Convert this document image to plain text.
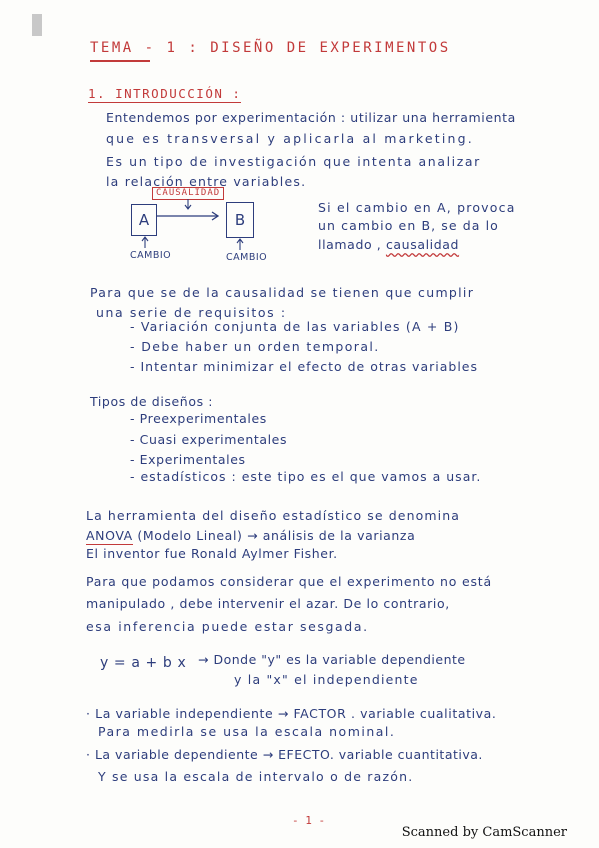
TEMA - 1 : DISEÑO DE EXPERIMENTOS
1. INTRODUCCIÓN :
Entendemos por experimentación : utilizar una herramienta
que es transversal y aplicarla al marketing.
Es un tipo de investigación que intenta analizar
la relación entre variables.
CAUSALIDAD
A	B
CAMBIO	CAMBIO
Si el cambio en A, provoca
un cambio en B, se da lo
llamado , causalidad
Para que se de la causalidad se tienen que cumplir
una serie de requisitos :
- Variación conjunta de las variables (A + B)
- Debe haber un orden temporal.
- Intentar minimizar el efecto de otras variables
Tipos de diseños :
- Preexperimentales
- Cuasi experimentales
- Experimentales
- estadísticos : este tipo es el que vamos a usar.
La herramienta del diseño estadístico se denomina
ANOVA (Modelo Lineal) → análisis de la varianza
El inventor fue Ronald Aylmer Fisher.
Para que podamos considerar que el experimento no está
manipulado , debe intervenir el azar. De lo contrario,
esa inferencia puede estar sesgada.
y = a + b x → Donde "y" es la variable dependiente
y la "x" el independiente
· La variable independiente → FACTOR . variable cualitativa.
Para medirla se usa la escala nominal.
· La variable dependiente → EFECTO. variable cuantitativa.
Y se usa la escala de intervalo o de razón.
- 1 -
Scanned by CamScanner
